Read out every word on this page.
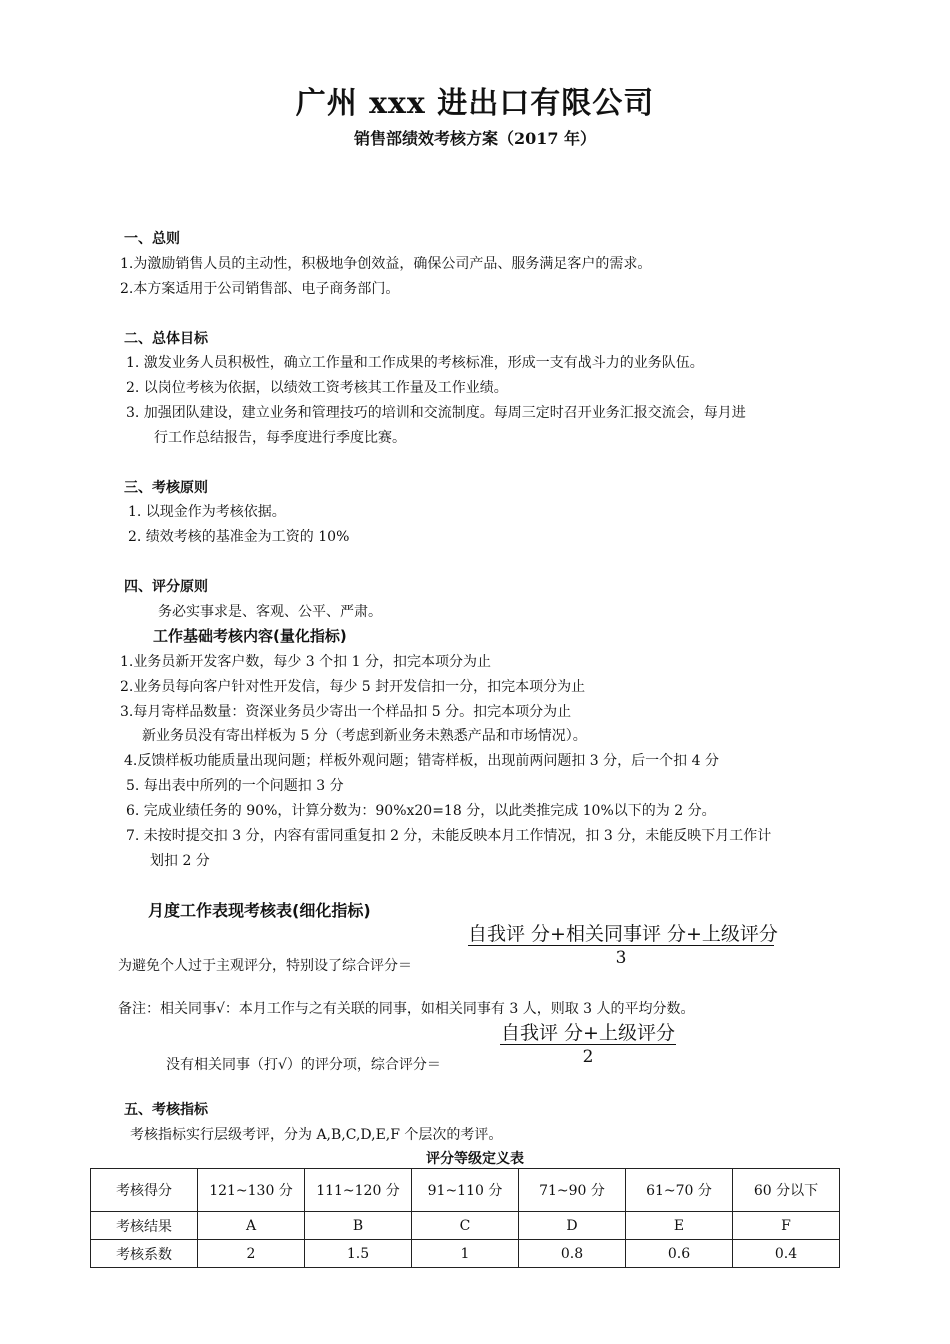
广州 xxx 进出口有限公司
销售部绩效考核方案（2017 年）
一、总则
1.为激励销售人员的主动性，积极地争创效益，确保公司产品、服务满足客户的需求。
2.本方案适用于公司销售部、电子商务部门。
二、总体目标
1. 激发业务人员积极性，确立工作量和工作成果的考核标准，形成一支有战斗力的业务队伍。
2. 以岗位考核为依据，以绩效工资考核其工作量及工作业绩。
3. 加强团队建设，建立业务和管理技巧的培训和交流制度。每周三定时召开业务汇报交流会，每月进
行工作总结报告，每季度进行季度比赛。
三、考核原则
1. 以现金作为考核依据。
2. 绩效考核的基准金为工资的 10%
四、评分原则
务必实事求是、客观、公平、严肃。
工作基础考核内容(量化指标)
1.业务员新开发客户数，每少 3 个扣 1 分，扣完本项分为止
2.业务员每向客户针对性开发信，每少 5 封开发信扣一分，扣完本项分为止
3.每月寄样品数量：资深业务员少寄出一个样品扣 5 分。扣完本项分为止
新业务员没有寄出样板为 5 分（考虑到新业务未熟悉产品和市场情况）。
4.反馈样板功能质量出现问题；样板外观问题；错寄样板，出现前两问题扣 3 分，后一个扣 4 分
5. 每出表中所列的一个问题扣 3 分
6. 完成业绩任务的 90%，计算分数为：90%x20=18 分，以此类推完成 10%以下的为 2 分。
7. 未按时提交扣 3 分，内容有雷同重复扣 2 分，未能反映本月工作情况，扣 3 分，未能反映下月工作计
划扣 2 分
月度工作表现考核表(细化指标)
自我评 分+相关同事评 分+上级评分
为避免个人过于主观评分，特别设了综合评分＝	3
备注：相关同事√：本月工作与之有关联的同事，如相关同事有 3 人，则取 3 人的平均分数。
自我评 分+上级评分
没有相关同事（打√）的评分项，综合评分＝	2
五、考核指标
考核指标实行层级考评，分为 A,B,C,D,E,F 个层次的考评。
评分等级定义表
考核得分	121~130 分	111~120 分	91~110 分	71~90 分	61~70 分	60 分以下
考核结果	A	B	C	D	E	F
考核系数	2	1.5	1	0.8	0.6	0.4
